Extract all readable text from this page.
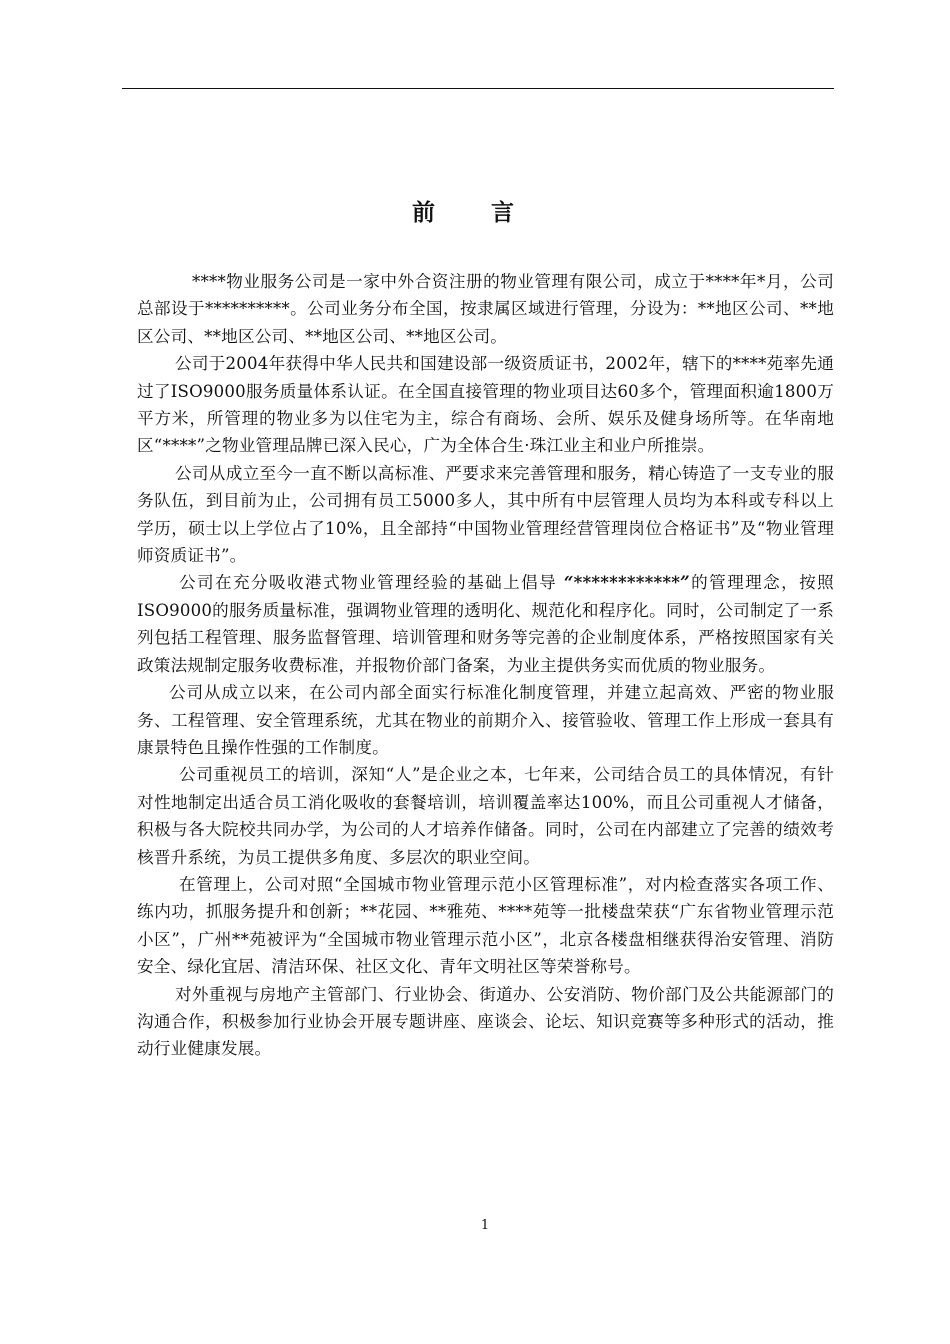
前 言

****物业服务公司是一家中外合资注册的物业管理有限公司，成立于****年*月，公司总部设于**********。公司业务分布全国，按隶属区域进行管理，分设为：**地区公司、**地区公司、**地区公司、**地区公司、**地区公司。

公司于2004年获得中华人民共和国建设部一级资质证书，2002年，辖下的****苑率先通过了ISO9000服务质量体系认证。在全国直接管理的物业项目达60多个，管理面积逾1800万平方米，所管理的物业多为以住宅为主，综合有商场、会所、娱乐及健身场所等。在华南地区“****”之物业管理品牌已深入民心，广为全体合生·珠江业主和业户所推崇。

公司从成立至今一直不断以高标准、严要求来完善管理和服务，精心铸造了一支专业的服务队伍，到目前为止，公司拥有员工5000多人，其中所有中层管理人员均为本科或专科以上学历，硕士以上学位占了10%，且全部持“中国物业管理经营管理岗位合格证书”及“物业管理师资质证书”。

公司在充分吸收港式物业管理经验的基础上倡导 “************”的管理理念，按照ISO9000的服务质量标准，强调物业管理的透明化、规范化和程序化。同时，公司制定了一系列包括工程管理、服务监督管理、培训管理和财务等完善的企业制度体系，严格按照国家有关政策法规制定服务收费标准，并报物价部门备案，为业主提供务实而优质的物业服务。

公司从成立以来，在公司内部全面实行标准化制度管理，并建立起高效、严密的物业服务、工程管理、安全管理系统，尤其在物业的前期介入、接管验收、管理工作上形成一套具有康景特色且操作性强的工作制度。

公司重视员工的培训，深知“人”是企业之本，七年来，公司结合员工的具体情况，有针对性地制定出适合员工消化吸收的套餐培训，培训覆盖率达100%，而且公司重视人才储备，积极与各大院校共同办学，为公司的人才培养作储备。同时，公司在内部建立了完善的绩效考核晋升系统，为员工提供多角度、多层次的职业空间。

在管理上，公司对照“全国城市物业管理示范小区管理标准”，对内检查落实各项工作、练内功，抓服务提升和创新；**花园、**雅苑、****苑等一批楼盘荣获“广东省物业管理示范小区”，广州**苑被评为“全国城市物业管理示范小区”，北京各楼盘相继获得治安管理、消防安全、绿化宜居、清洁环保、社区文化、青年文明社区等荣誉称号。

对外重视与房地产主管部门、行业协会、街道办、公安消防、物价部门及公共能源部门的沟通合作，积极参加行业协会开展专题讲座、座谈会、论坛、知识竞赛等多种形式的活动，推动行业健康发展。

1
